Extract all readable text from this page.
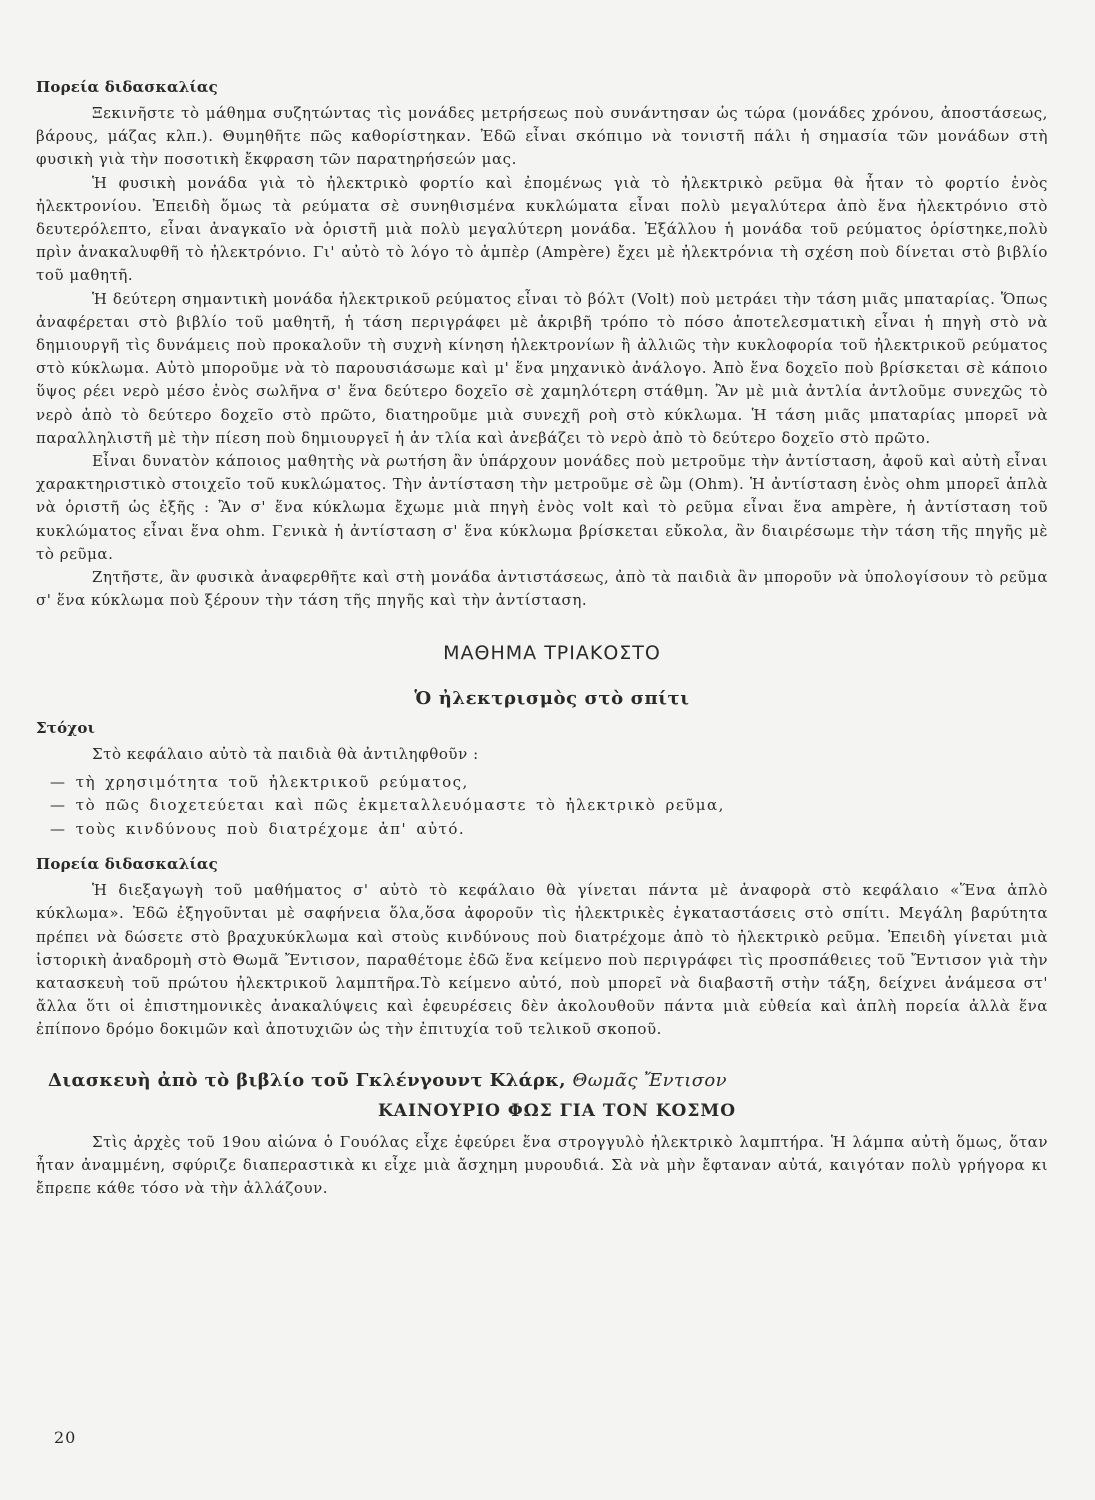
Πορεία διδασκαλίας

Ξεκινῆστε τὸ μάθημα συζητώντας τὶς μονάδες μετρήσεως ποὺ συνάντησαν ὡς τώρα (μονάδες χρόνου, ἀποστάσεως, βάρους, μάζας κλπ.). Θυμηθῆτε πῶς καθορίστηκαν. Ἐδῶ εἶναι σκόπιμο νὰ τονιστῆ πάλι ἡ σημασία τῶν μονάδων στὴ φυσικὴ γιὰ τὴν ποσοτικὴ ἔκφραση τῶν παρατηρήσεών μας.

Ἡ φυσικὴ μονάδα γιὰ τὸ ἠλεκτρικὸ φορτίο καὶ ἐπομένως γιὰ τὸ ἠλεκτρικὸ ρεῦμα θὰ ἦταν τὸ φορτίο ἑνὸς ἠλεκτρονίου. Ἐπειδὴ ὅμως τὰ ρεύματα σὲ συνηθισμένα κυκλώματα εἶναι πολὺ μεγαλύτερα ἀπὸ ἕνα ἠλεκτρόνιο στὸ δευτερόλεπτο, εἶναι ἀναγκαῖο νὰ ὁριστῆ μιὰ πολὺ μεγαλύτερη μονάδα. Ἐξάλλου ἡ μονάδα τοῦ ρεύματος ὁρίστηκε,πολὺ πρὶν ἀνακαλυφθῆ τὸ ἠλεκτρόνιο. Γι' αὐτὸ τὸ λόγο τὸ ἀμπὲρ (Ampère) ἔχει μὲ ἠλεκτρόνια τὴ σχέση ποὺ δίνεται στὸ βιβλίο τοῦ μαθητῆ.

Ἡ δεύτερη σημαντικὴ μονάδα ἠλεκτρικοῦ ρεύματος εἶναι τὸ βόλτ (Volt) ποὺ μετράει τὴν τάση μιᾶς μπαταρίας. Ὅπως ἀναφέρεται στὸ βιβλίο τοῦ μαθητῆ, ἡ τάση περιγράφει μὲ ἀκριβῆ τρόπο τὸ πόσο ἀποτελεσματικὴ εἶναι ἡ πηγὴ στὸ νὰ δημιουργῆ τὶς δυνάμεις ποὺ προκαλοῦν τὴ συχνὴ κίνηση ἠλεκτρονίων ἢ ἀλλιῶς τὴν κυκλοφορία τοῦ ἠλεκτρικοῦ ρεύματος στὸ κύκλωμα. Αὐτὸ μποροῦμε νὰ τὸ παρουσιάσωμε καὶ μ' ἕνα μηχανικὸ ἀνάλογο. Ἀπὸ ἕνα δοχεῖο ποὺ βρίσκεται σὲ κάποιο ὕψος ρέει νερὸ μέσο ἑνὸς σωλῆνα σ' ἕνα δεύτερο δοχεῖο σὲ χαμηλότερη στάθμη. Ἂν μὲ μιὰ ἀντλία ἀντλοῦμε συνεχῶς τὸ νερὸ ἀπὸ τὸ δεύτερο δοχεῖο στὸ πρῶτο, διατηροῦμε μιὰ συνεχῆ ροὴ στὸ κύκλωμα. Ἡ τάση μιᾶς μπαταρίας μπορεῖ νὰ παραλληλιστῆ μὲ τὴν πίεση ποὺ δημιουργεῖ ἡ ἀν τλία καὶ ἀνεβάζει τὸ νερὸ ἀπὸ τὸ δεύτερο δοχεῖο στὸ πρῶτο.

Εἶναι δυνατὸν κάποιος μαθητὴς νὰ ρωτήση ἂν ὑπάρχουν μονάδες ποὺ μετροῦμε τὴν ἀντίσταση, ἀφοῦ καὶ αὐτὴ εἶναι χαρακτηριστικὸ στοιχεῖο τοῦ κυκλώματος. Τὴν ἀντίσταση τὴν μετροῦμε σὲ ὢμ (Ohm). Ἡ ἀντίσταση ἑνὸς ohm μπορεῖ ἁπλὰ νὰ ὁριστῆ ὡς ἑξῆς : Ἂν σ' ἕνα κύκλωμα ἔχωμε μιὰ πηγὴ ἑνὸς volt καὶ τὸ ρεῦμα εἶναι ἕνα ampère, ἡ ἀντίσταση τοῦ κυκλώματος εἶναι ἕνα ohm. Γενικὰ ἡ ἀντίσταση σ' ἕνα κύκλωμα βρίσκεται εὔκολα, ἂν διαιρέσωμε τὴν τάση τῆς πηγῆς μὲ τὸ ρεῦμα.

Ζητῆστε, ἂν φυσικὰ ἀναφερθῆτε καὶ στὴ μονάδα ἀντιστάσεως, ἀπὸ τὰ παιδιὰ ἂν μποροῦν νὰ ὑπολογίσουν τὸ ρεῦμα σ' ἕνα κύκλωμα ποὺ ξέρουν τὴν τάση τῆς πηγῆς καὶ τὴν ἀντίσταση.

ΜΑΘΗΜΑ ΤΡΙΑΚΟΣΤΟ
Ὁ ἠλεκτρισμὸς στὸ σπίτι
Στόχοι

Στὸ κεφάλαιο αὐτὸ τὰ παιδιὰ θὰ ἀντιληφθοῦν :

— τὴ χρησιμότητα τοῦ ἠλεκτρικοῦ ρεύματος,
— τὸ πῶς διοχετεύεται καὶ πῶς ἐκμεταλλευόμαστε τὸ ἠλεκτρικὸ ρεῦμα,
— τοὺς κινδύνους ποὺ διατρέχομε ἀπ' αὐτό.
Πορεία διδασκαλίας

Ἡ διεξαγωγὴ τοῦ μαθήματος σ' αὐτὸ τὸ κεφάλαιο θὰ γίνεται πάντα μὲ ἀναφορὰ στὸ κεφάλαιο «Ἕνα ἁπλὸ κύκλωμα». Ἐδῶ ἐξηγοῦνται μὲ σαφήνεια ὅλα,ὅσα ἀφοροῦν τὶς ἠλεκτρικὲς ἐγκαταστάσεις στὸ σπίτι. Μεγάλη βαρύτητα πρέπει νὰ δώσετε στὸ βραχυκύκλωμα καὶ στοὺς κινδύνους ποὺ διατρέχομε ἀπὸ τὸ ἠλεκτρικὸ ρεῦμα. Ἐπειδὴ γίνεται μιὰ ἱστορικὴ ἀναδρομὴ στὸ Θωμᾶ Ἔντισον, παραθέτομε ἐδῶ ἕνα κείμενο ποὺ περιγράφει τὶς προσπάθειες τοῦ Ἔντισον γιὰ τὴν κατασκευὴ τοῦ πρώτου ἠλεκτρικοῦ λαμπτῆρα.Τὸ κείμενο αὐτό, ποὺ μπορεῖ νὰ διαβαστῆ στὴν τάξη, δείχνει ἀνάμεσα στ' ἄλλα ὅτι οἱ ἐπιστημονικὲς ἀνακαλύψεις καὶ ἐφευρέσεις δὲν ἀκολουθοῦν πάντα μιὰ εὐθεία καὶ ἁπλὴ πορεία ἀλλὰ ἕνα ἐπίπονο δρόμο δοκιμῶν καὶ ἀποτυχιῶν ὡς τὴν ἐπιτυχία τοῦ τελικοῦ σκοποῦ.

Διασκευὴ ἀπὸ τὸ βιβλίο τοῦ Γκλένγουντ Κλάρκ, Θωμᾶς Ἔντισον
ΚΑΙΝΟΥΡΙΟ ΦΩΣ ΓΙΑ ΤΟΝ ΚΟΣΜΟ

Στὶς ἀρχὲς τοῦ 19ου αἰώνα ὁ Γουόλας εἶχε ἐφεύρει ἕνα στρογγυλὸ ἠλεκτρικὸ λαμπτήρα. Ἡ λάμπα αὐτὴ ὅμως, ὅταν ἦταν ἀναμμένη, σφύριζε διαπεραστικὰ κι εἶχε μιὰ ἄσχημη μυρουδιά. Σὰ νὰ μὴν ἔφταναν αὐτά, καιγόταν πολὺ γρήγορα κι ἔπρεπε κάθε τόσο νὰ τὴν ἀλλάζουν.

20
